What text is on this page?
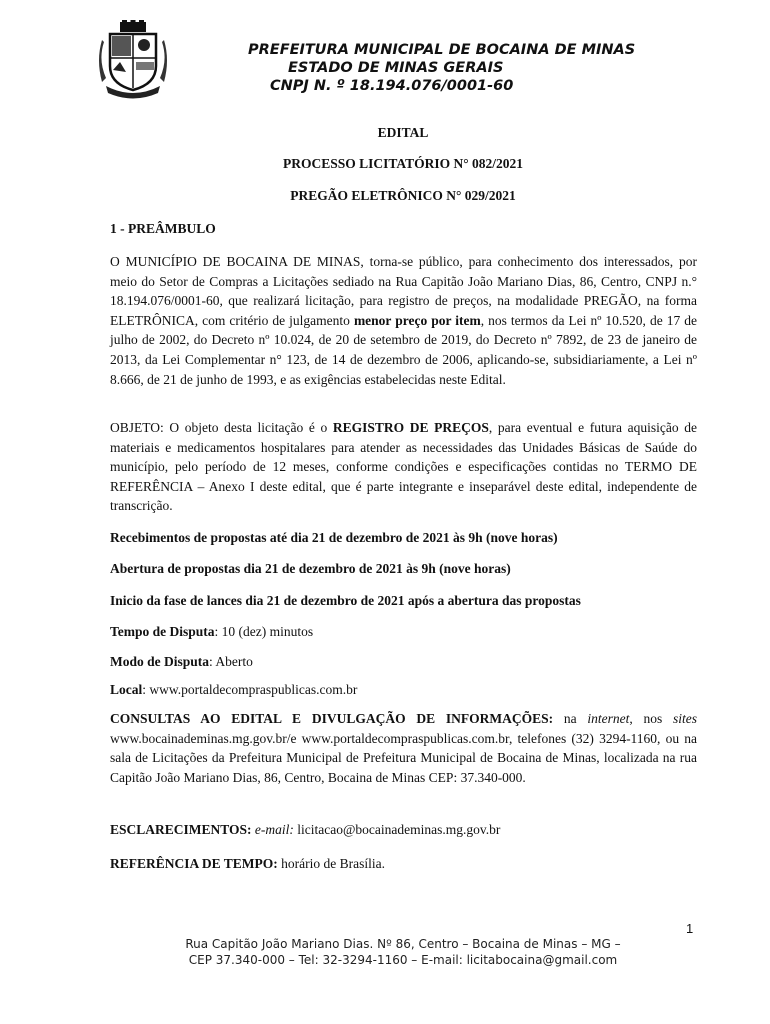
PREFEITURA MUNICIPAL DE BOCAINA DE MINAS
ESTADO DE MINAS GERAIS
CNPJ N. º 18.194.076/0001-60
EDITAL
PROCESSO LICITATÓRIO N° 082/2021
PREGÃO ELETRÔNICO N° 029/2021
1 - PREÂMBULO
O MUNICÍPIO DE BOCAINA DE MINAS, torna-se público, para conhecimento dos interessados, por meio do Setor de Compras a Licitações sediado na Rua Capitão João Mariano Dias, 86, Centro, CNPJ n.° 18.194.076/0001-60, que realizará licitação, para registro de preços, na modalidade PREGÃO, na forma ELETRÔNICA, com critério de julgamento menor preço por item, nos termos da Lei nº 10.520, de 17 de julho de 2002, do Decreto nº 10.024, de 20 de setembro de 2019, do Decreto nº 7892, de 23 de janeiro de 2013, da Lei Complementar n° 123, de 14 de dezembro de 2006, aplicando-se, subsidiariamente, a Lei nº 8.666, de 21 de junho de 1993, e as exigências estabelecidas neste Edital.
OBJETO: O objeto desta licitação é o REGISTRO DE PREÇOS, para eventual e futura aquisição de materiais e medicamentos hospitalares para atender as necessidades das Unidades Básicas de Saúde do município, pelo período de 12 meses, conforme condições e especificações contidas no TERMO DE REFERÊNCIA – Anexo I deste edital, que é parte integrante e inseparável deste edital, independente de transcrição.
Recebimentos de propostas até dia 21 de dezembro de 2021 às 9h (nove horas)
Abertura de propostas dia 21 de dezembro de 2021 às 9h (nove horas)
Inicio da fase de lances dia 21 de dezembro de 2021 após a abertura das propostas
Tempo de Disputa: 10 (dez) minutos
Modo de Disputa: Aberto
Local: www.portaldecompraspublicas.com.br
CONSULTAS AO EDITAL E DIVULGAÇÃO DE INFORMAÇÕES: na internet, nos sites www.bocainademinas.mg.gov.br/e www.portaldecompraspublicas.com.br, telefones (32) 3294-1160, ou na sala de Licitações da Prefeitura Municipal de Prefeitura Municipal de Bocaina de Minas, localizada na rua Capitão João Mariano Dias, 86, Centro, Bocaina de Minas CEP: 37.340-000.
ESCLARECIMENTOS: e-mail: licitacao@bocainademinas.mg.gov.br
REFERÊNCIA DE TEMPO: horário de Brasília.
1
Rua Capitão João Mariano Dias. Nº 86, Centro – Bocaina de Minas – MG –
CEP 37.340-000 – Tel: 32-3294-1160 – E-mail: licitabocaina@gmail.com
